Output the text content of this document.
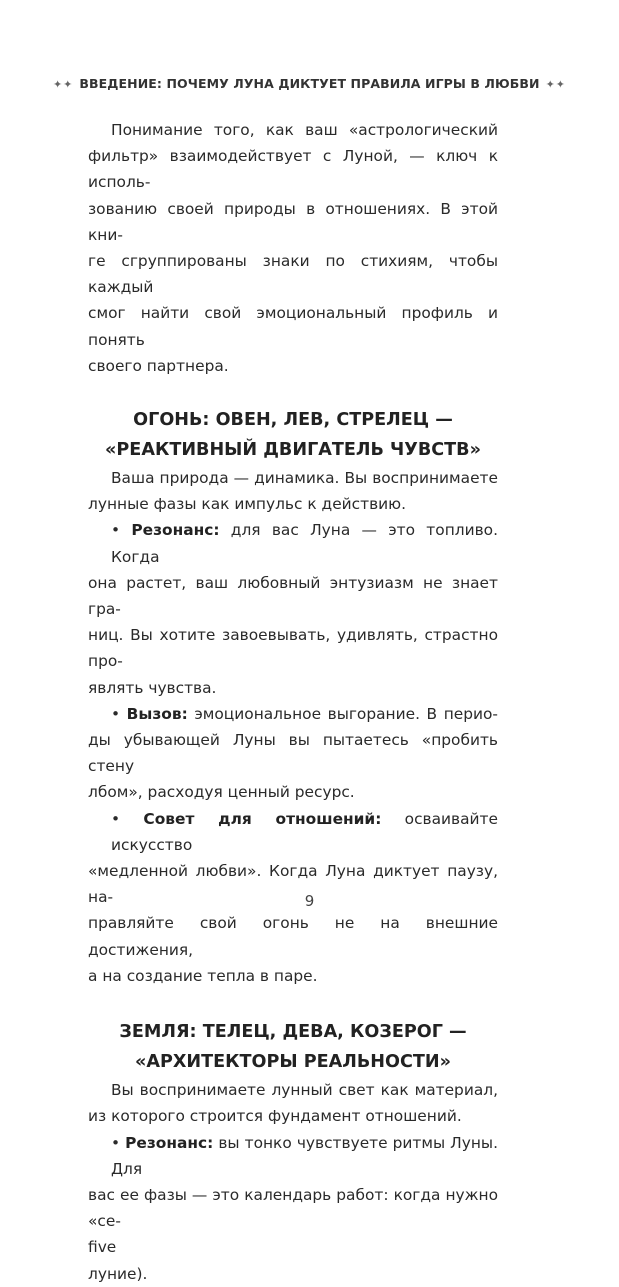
✦✦ ВВЕДЕНИЕ: ПОЧЕМУ ЛУНА ДИКТУЕТ ПРАВИЛА ИГРЫ В ЛЮБВИ ✦✦

Понимание того, как ваш «астрологический
фильтр» взаимодействует с Луной, — ключ к исполь-
зованию своей природы в отношениях. В этой кни-
ге сгруппированы знаки по стихиям, чтобы каждый
смог найти свой эмоциональный профиль и понять
своего партнера.

ОГОНЬ: ОВЕН, ЛЕВ, СТРЕЛЕЦ —
«РЕАКТИВНЫЙ ДВИГАТЕЛЬ ЧУВСТВ»

Ваша природа — динамика. Вы воспринимаете
лунные фазы как импульс к действию.

• Резонанс: для вас Луна — это топливо. Когда
она растет, ваш любовный энтузиазм не знает гра-
ниц. Вы хотите завоевывать, удивлять, страстно про-
являть чувства.

• Вызов: эмоциональное выгорание. В перио-
ды убывающей Луны вы пытаетесь «пробить стену
лбом», расходуя ценный ресурс.

• Совет для отношений: осваивайте искусство
«медленной любви». Когда Луна диктует паузу, на-
правляйте свой огонь не на внешние достижения,
а на создание тепла в паре.

ЗЕМЛЯ: ТЕЛЕЦ, ДЕВА, КОЗЕРОГ —
«АРХИТЕКТОРЫ РЕАЛЬНОСТИ»

Вы воспринимаете лунный свет как материал,
из которого строится фундамент отношений.

• Резонанс: вы тонко чувствуете ритмы Луны. Для
вас ее фазы — это календарь работ: когда нужно «се-
five
луние).

9
